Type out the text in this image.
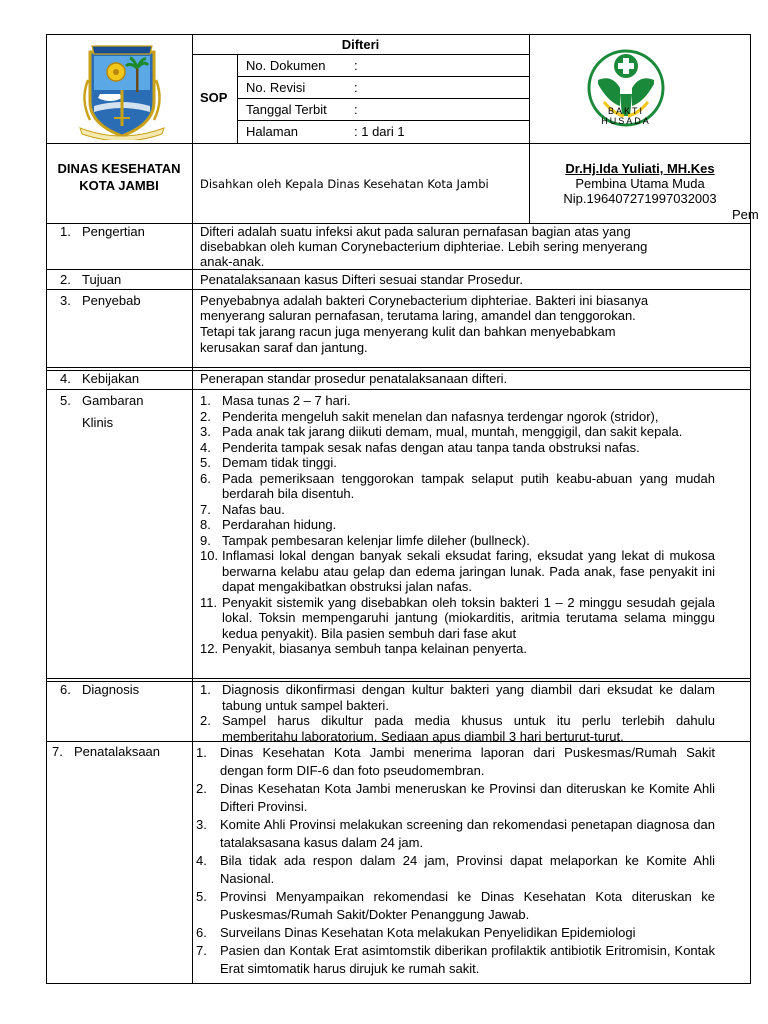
Difteri
SOP
No. Dokumen :
No. Revisi	:
Tanggal Terbit :
Halaman	: 1 dari 1
BAKTI HUSADA
DINAS KESEHATAN KOTA JAMBI	Disahkan oleh Kepala Dinas Kesehatan Kota Jambi
Dr.Hj.Ida Yuliati, MH.Kes
Pembina Utama Muda
Nip.196407271997032003
Pem
1. Pengertian	Difteri adalah suatu infeksi akut pada saluran pernafasan bagian atas yang
disebabkan oleh kuman Corynebacterium diphteriae. Lebih sering menyerang
anak-anak.
2. Tujuan	Penatalaksanaan kasus Difteri sesuai standar Prosedur.
3. Penyebab	Penyebabnya adalah bakteri Corynebacterium diphteriae. Bakteri ini biasanya
menyerang saluran pernafasan, terutama laring, amandel dan tenggorokan.
Tetapi tak jarang racun juga menyerang kulit dan bahkan menyebabkam
kerusakan saraf dan jantung.
4. Kebijakan	Penerapan standar prosedur penatalaksanaan difteri.
5. Gambaran
Klinis
1. Masa tunas 2 – 7 hari.
2. Penderita mengeluh sakit menelan dan nafasnya terdengar ngorok (stridor),
3. Pada anak tak jarang diikuti demam, mual, muntah, menggigil, dan sakit kepala.
4. Penderita tampak sesak nafas dengan atau tanpa tanda obstruksi nafas.
5. Demam tidak tinggi.
6. Pada pemeriksaan tenggorokan tampak selaput putih keabu-abuan yang mudah berdarah bila disentuh.
7. Nafas bau.
8. Perdarahan hidung.
9. Tampak pembesaran kelenjar limfe dileher (bullneck).
10. Inflamasi lokal dengan banyak sekali eksudat faring, eksudat yang lekat di mukosa berwarna kelabu atau gelap dan edema jaringan lunak. Pada anak, fase penyakit ini dapat mengakibatkan obstruksi jalan nafas.
11. Penyakit sistemik yang disebabkan oleh toksin bakteri 1 – 2 minggu sesudah gejala lokal. Toksin mempengaruhi jantung (miokarditis, aritmia terutama selama minggu kedua penyakit). Bila pasien sembuh dari fase akut
12. Penyakit, biasanya sembuh tanpa kelainan penyerta.
6. Diagnosis	1. Diagnosis dikonfirmasi dengan kultur bakteri yang diambil dari eksudat ke dalam tabung untuk sampel bakteri.
2. Sampel harus dikultur pada media khusus untuk itu perlu terlebih dahulu memberitahu laboratorium. Sediaan apus diambil 3 hari berturut-turut.
7. Penatalaksaan	1. Dinas Kesehatan Kota Jambi menerima laporan dari Puskesmas/Rumah Sakit dengan form DIF-6 dan foto pseudomembran.
2. Dinas Kesehatan Kota Jambi meneruskan ke Provinsi dan diteruskan ke Komite Ahli Difteri Provinsi.
3. Komite Ahli Provinsi melakukan screening dan rekomendasi penetapan diagnosa dan tatalaksasana kasus dalam 24 jam.
4. Bila tidak ada respon dalam 24 jam, Provinsi dapat melaporkan ke Komite Ahli Nasional.
5. Provinsi Menyampaikan rekomendasi ke Dinas Kesehatan Kota diteruskan ke Puskesmas/Rumah Sakit/Dokter Penanggung Jawab.
6. Surveilans Dinas Kesehatan Kota melakukan Penyelidikan Epidemiologi
7. Pasien dan Kontak Erat asimtomstik diberikan profilaktik antibiotik Eritromisin, Kontak Erat simtomatik harus dirujuk ke rumah sakit.
